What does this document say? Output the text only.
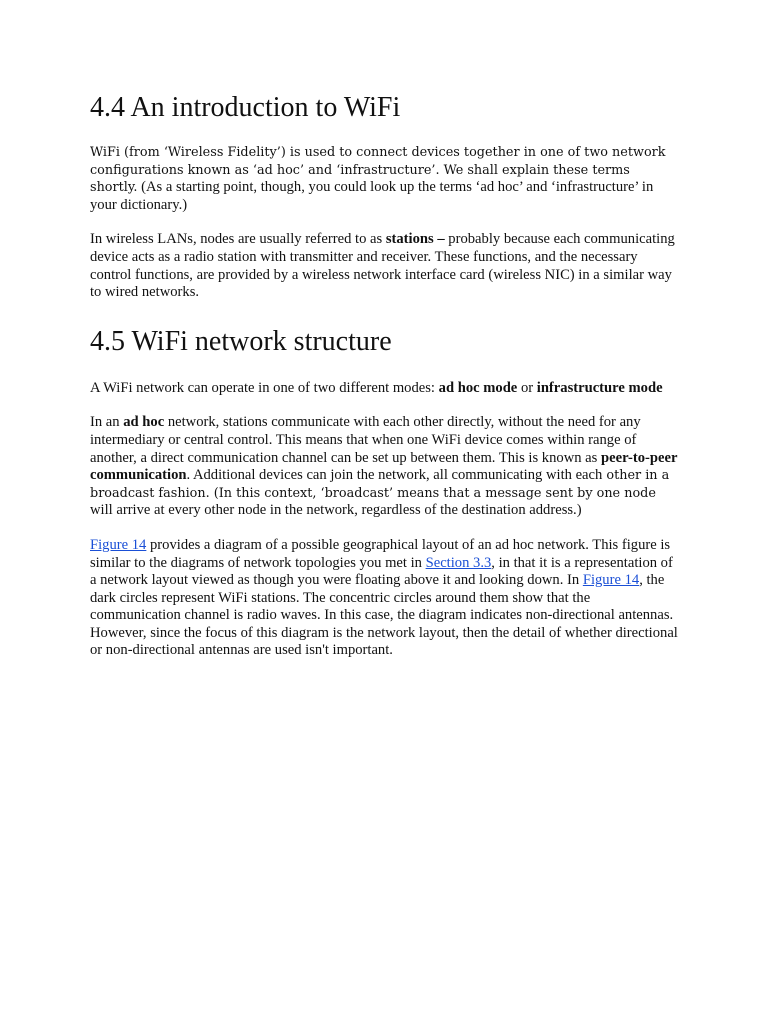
4.4 An introduction to WiFi

WiFi (from ‘Wireless Fidelity’) is used to connect devices together in one of two network configurations known as ‘ad hoc’ and ‘infrastructure’. We shall explain these terms shortly. (As a starting point, though, you could look up the terms ‘ad hoc’ and ‘infrastructure’ in your dictionary.)

In wireless LANs, nodes are usually referred to as stations – probably because each communicating device acts as a radio station with transmitter and receiver. These functions, and the necessary control functions, are provided by a wireless network interface card (wireless NIC) in a similar way to wired networks.

4.5 WiFi network structure

A WiFi network can operate in one of two different modes: ad hoc mode or infrastructure mode

In an ad hoc network, stations communicate with each other directly, without the need for any intermediary or central control. This means that when one WiFi device comes within range of another, a direct communication channel can be set up between them. This is known as peer-to-peer communication. Additional devices can join the network, all communicating with each other in a broadcast fashion. (In this context, ‘broadcast’ means that a message sent by one node will arrive at every other node in the network, regardless of the destination address.)

Figure 14 provides a diagram of a possible geographical layout of an ad hoc network. This figure is similar to the diagrams of network topologies you met in Section 3.3, in that it is a representation of a network layout viewed as though you were floating above it and looking down. In Figure 14, the dark circles represent WiFi stations. The concentric circles around them show that the communication channel is radio waves. In this case, the diagram indicates non-directional antennas. However, since the focus of this diagram is the network layout, then the detail of whether directional or non-directional antennas are used isn't important.
